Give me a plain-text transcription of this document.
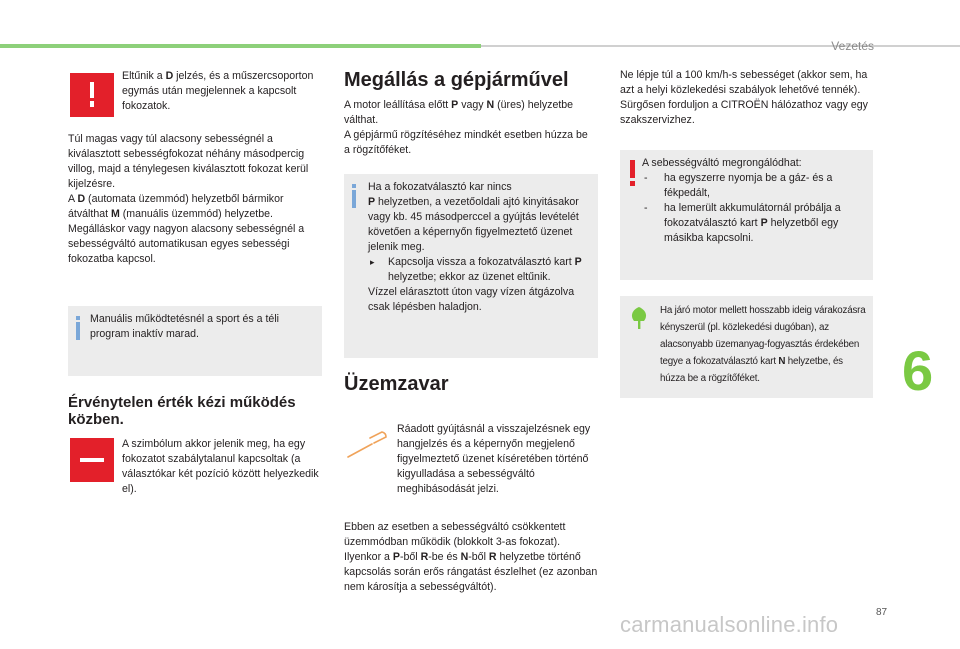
Vezetés
6
Eltűnik a D jelzés, és a műszercsoporton egymás után megjelennek a kapcsolt fokozatok.

Túl magas vagy túl alacsony sebességnél a kiválasztott sebességfokozat néhány másodpercig villog, majd a ténylegesen kiválasztott fokozat kerül kijelzésre.

A D (automata üzemmód) helyzetből bármikor átválthat M (manuális üzemmód) helyzetbe.

Megálláskor vagy nagyon alacsony sebességnél a sebességváltó automatikusan egyes sebességi fokozatba kapcsol.

Manuális működtetésnél a sport és a téli program inaktív marad.
Érvénytelen érték kézi működés közben.
A szimbólum akkor jelenik meg, ha egy fokozatot szabálytalanul kapcsoltak (a választókar két pozíció között helyezkedik el).
Megállás a gépjárművel

A motor leállítása előtt P vagy N (üres) helyzetbe válthat.

A gépjármű rögzítéséhez mindkét esetben húzza be a rögzítőféket.

Ha a fokozatválasztó kar nincs
P helyzetben, a vezetőoldali ajtó kinyitásakor vagy kb. 45 másodperccel a gyújtás levételét követően a képernyőn figyelmeztető üzenet jelenik meg.

▸ Kapcsolja vissza a fokozatválasztó kart P helyzetbe; ekkor az üzenet eltűnik.

Vízzel elárasztott úton vagy vízen átgázolva csak lépésben haladjon.

Üzemzavar
Ráadott gyújtásnál a visszajelzésnek egy hangjelzés és a képernyőn megjelenő figyelmeztető üzenet kíséretében történő kigyulladása a sebességváltó meghibásodását jelzi.

Ebben az esetben a sebességváltó csökkentett üzemmódban működik (blokkolt 3-as fokozat).

Ilyenkor a P-ből R-be és N-ből R helyzetbe történő kapcsolás során erős rángatást észlelhet (ez azonban nem károsítja a sebességváltót).

Ne lépje túl a 100 km/h-s sebességet (akkor sem, ha azt a helyi közlekedési szabályok lehetővé tennék).

Sürgősen forduljon a CITROËN hálózathoz vagy egy szakszervizhez.

A sebességváltó megrongálódhat:

- ha egyszerre nyomja be a gáz- és a fékpedált,
- ha lemerült akkumulátornál próbálja a fokozatválasztó kart P helyzetből egy másikba kapcsolni.
Ha járó motor mellett hosszabb ideig várakozásra kényszerül (pl. közlekedési dugóban), az alacsonyabb üzemanyag-fogyasztás érdekében tegye a fokozatválasztó kart N helyzetbe, és húzza be a rögzítőféket.
87
carmanualsonline.info
